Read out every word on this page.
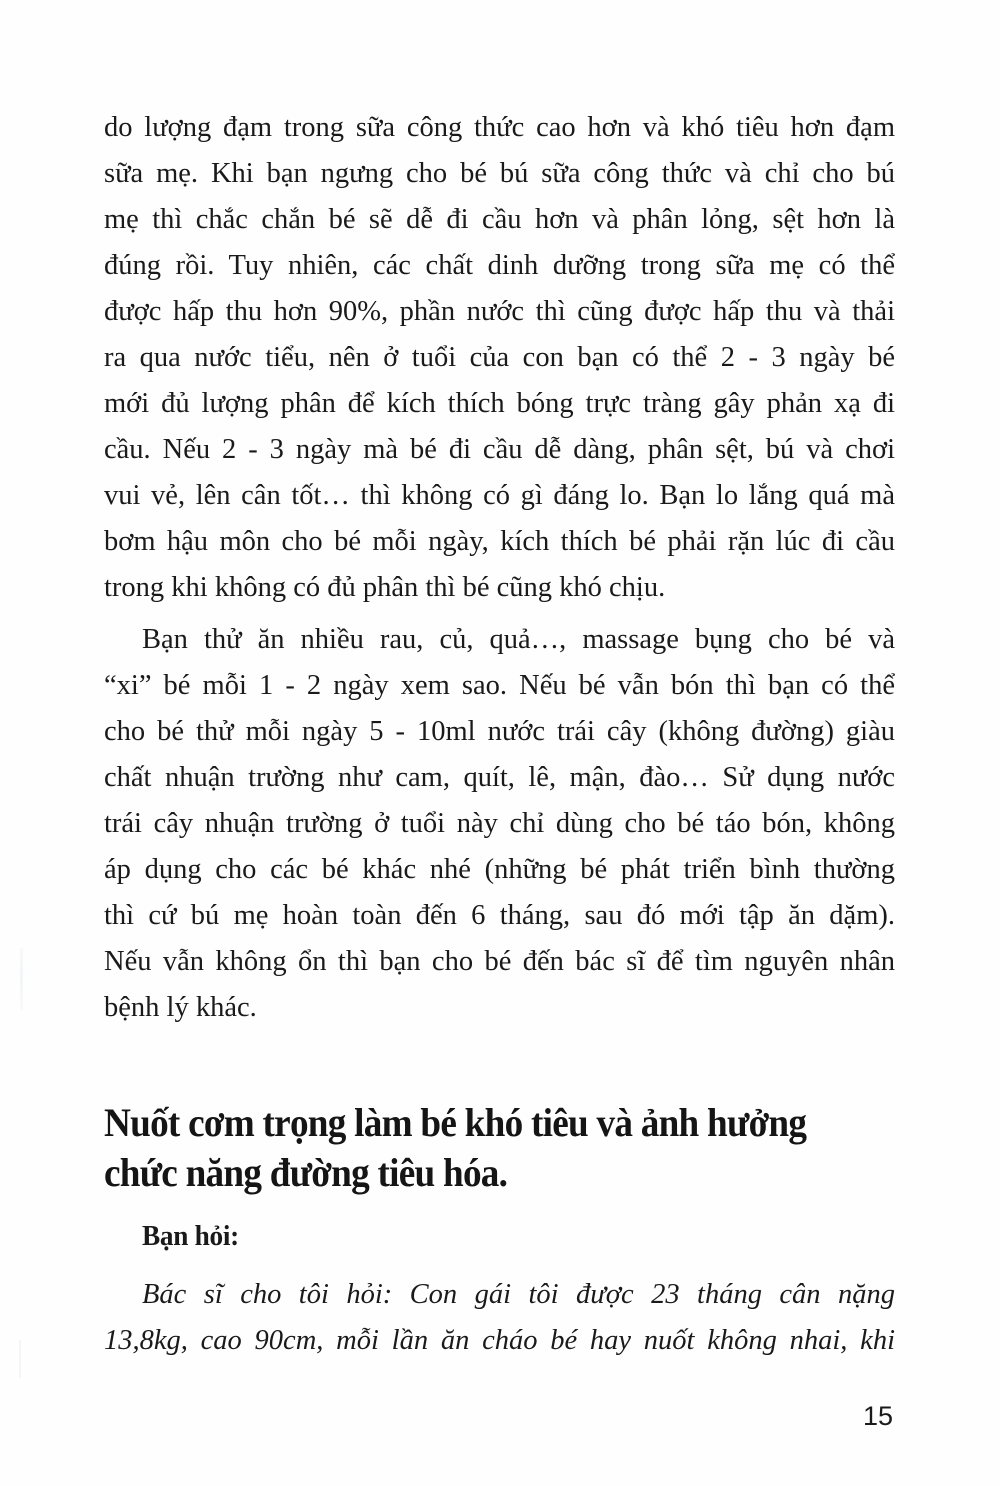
do lượng đạm trong sữa công thức cao hơn và khó tiêu hơn đạm
sữa mẹ. Khi bạn ngưng cho bé bú sữa công thức và chỉ cho bú
mẹ thì chắc chắn bé sẽ dễ đi cầu hơn và phân lỏng, sệt hơn là
đúng rồi. Tuy nhiên, các chất dinh dưỡng trong sữa mẹ có thể
được hấp thu hơn 90%, phần nước thì cũng được hấp thu và thải
ra qua nước tiểu, nên ở tuổi của con bạn có thể 2 - 3 ngày bé
mới đủ lượng phân để kích thích bóng trực tràng gây phản xạ đi
cầu. Nếu 2 - 3 ngày mà bé đi cầu dễ dàng, phân sệt, bú và chơi
vui vẻ, lên cân tốt… thì không có gì đáng lo. Bạn lo lắng quá mà
bơm hậu môn cho bé mỗi ngày, kích thích bé phải rặn lúc đi cầu
trong khi không có đủ phân thì bé cũng khó chịu.
Bạn thử ăn nhiều rau, củ, quả…, massage bụng cho bé và
“xi” bé mỗi 1 - 2 ngày xem sao. Nếu bé vẫn bón thì bạn có thể
cho bé thử mỗi ngày 5 - 10ml nước trái cây (không đường) giàu
chất nhuận trường như cam, quít, lê, mận, đào… Sử dụng nước
trái cây nhuận trường ở tuổi này chỉ dùng cho bé táo bón, không
áp dụng cho các bé khác nhé (những bé phát triển bình thường
thì cứ bú mẹ hoàn toàn đến 6 tháng, sau đó mới tập ăn dặm).
Nếu vẫn không ổn thì bạn cho bé đến bác sĩ để tìm nguyên nhân
bệnh lý khác.
Nuốt cơm trọng làm bé khó tiêu và ảnh hưởng
chức năng đường tiêu hóa.
Bạn hỏi:
Bác sĩ cho tôi hỏi: Con gái tôi được 23 tháng cân nặng
13,8kg, cao 90cm, mỗi lần ăn cháo bé hay nuốt không nhai, khi
15
